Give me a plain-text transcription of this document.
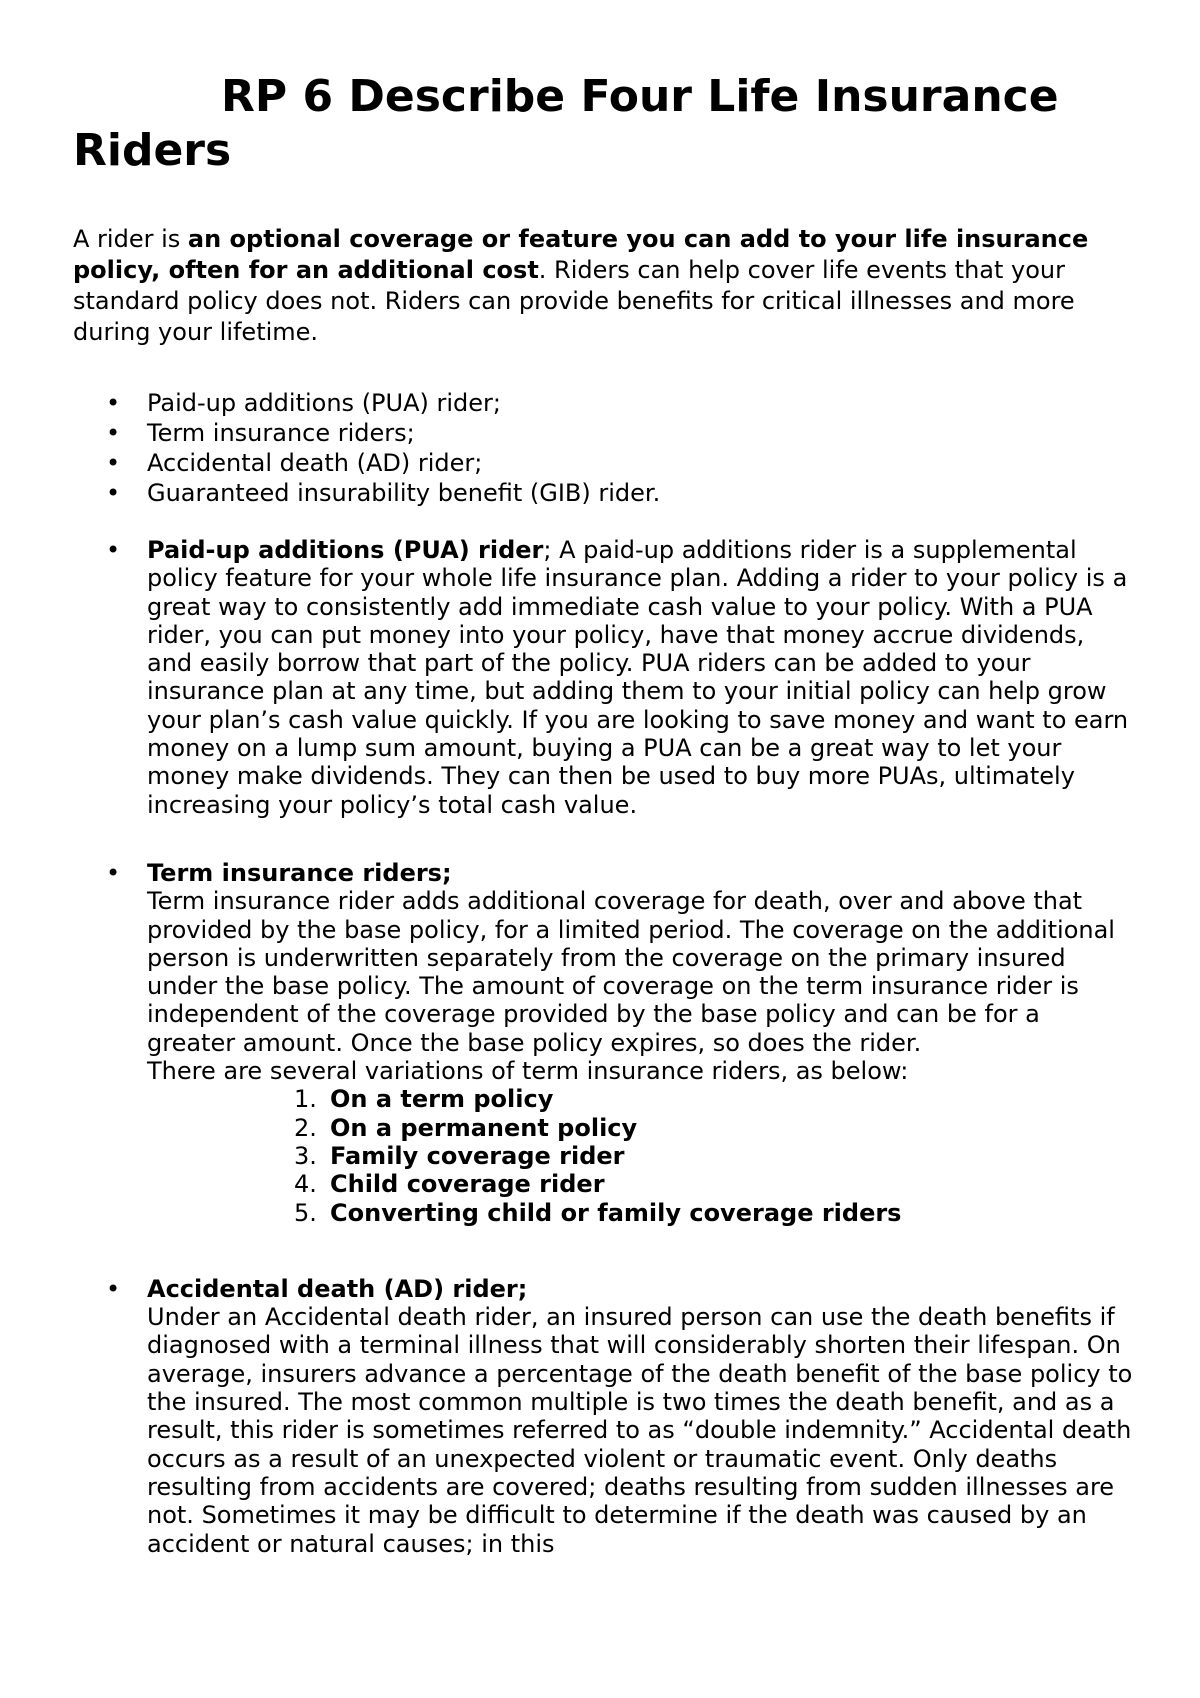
RP 6 Describe Four Life Insurance Riders

A rider is an optional coverage or feature you can add to your life insurance policy, often for an additional cost. Riders can help cover life events that your standard policy does not. Riders can provide benefits for critical illnesses and more during your lifetime.

• Paid-up additions (PUA) rider;
• Term insurance riders;
• Accidental death (AD) rider;
• Guaranteed insurability benefit (GIB) rider.
• Paid-up additions (PUA) rider; A paid-up additions rider is a supplemental policy feature for your whole life insurance plan. Adding a rider to your policy is a great way to consistently add immediate cash value to your policy. With a PUA rider, you can put money into your policy, have that money accrue dividends, and easily borrow that part of the policy. PUA riders can be added to your insurance plan at any time, but adding them to your initial policy can help grow your plan’s cash value quickly. If you are looking to save money and want to earn money on a lump sum amount, buying a PUA can be a great way to let your money make dividends. They can then be used to buy more PUAs, ultimately increasing your policy’s total cash value.
• Term insurance riders;
Term insurance rider adds additional coverage for death, over and above that provided by the base policy, for a limited period. The coverage on the additional person is underwritten separately from the coverage on the primary insured under the base policy. The amount of coverage on the term insurance rider is independent of the coverage provided by the base policy and can be for a greater amount. Once the base policy expires, so does the rider.
There are several variations of term insurance riders, as below:
1. On a term policy
2. On a permanent policy
3. Family coverage rider
4. Child coverage rider
5. Converting child or family coverage riders
• Accidental death (AD) rider;
Under an Accidental death rider, an insured person can use the death benefits if diagnosed with a terminal illness that will considerably shorten their lifespan. On average, insurers advance a percentage of the death benefit of the base policy to the insured. The most common multiple is two times the death benefit, and as a result, this rider is sometimes referred to as “double indemnity.” Accidental death occurs as a result of an unexpected violent or traumatic event. Only deaths resulting from accidents are covered; deaths resulting from sudden illnesses are not. Sometimes it may be difficult to determine if the death was caused by an accident or natural causes; in this
